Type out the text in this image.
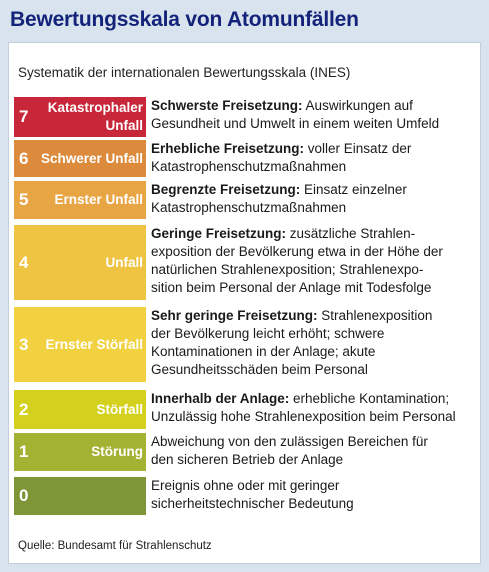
Bewertungsskala von Atomunfällen
Systematik der internationalen Bewertungsskala (INES)
7 Katastrophaler
Unfall
Schwerste Freisetzung: Auswirkungen auf
Gesundheit und Umwelt in einem weiten Umfeld
6 Schwerer Unfall
Erhebliche Freisetzung: voller Einsatz der
Katastrophenschutzmaßnahmen
5 Ernster Unfall
Begrenzte Freisetzung: Einsatz einzelner
Katastrophenschutzmaßnahmen
4	Unfall
Geringe Freisetzung: zusätzliche Strahlen-
exposition der Bevölkerung etwa in der Höhe der
natürlichen Strahlenexposition; Strahlenexpo-
sition beim Personal der Anlage mit Todesfolge
3 Ernster Störfall
Sehr geringe Freisetzung: Strahlenexposition
der Bevölkerung leicht erhöht; schwere
Kontaminationen in der Anlage; akute
Gesundheitsschäden beim Personal
2	Störfall
Innerhalb der Anlage: erhebliche Kontamination;
Unzulässig hohe Strahlenexposition beim Personal
1	Störung
Abweichung von den zulässigen Bereichen für
den sicheren Betrieb der Anlage
0
Ereignis ohne oder mit geringer
sicherheitstechnischer Bedeutung
Quelle: Bundesamt für Strahlenschutz
